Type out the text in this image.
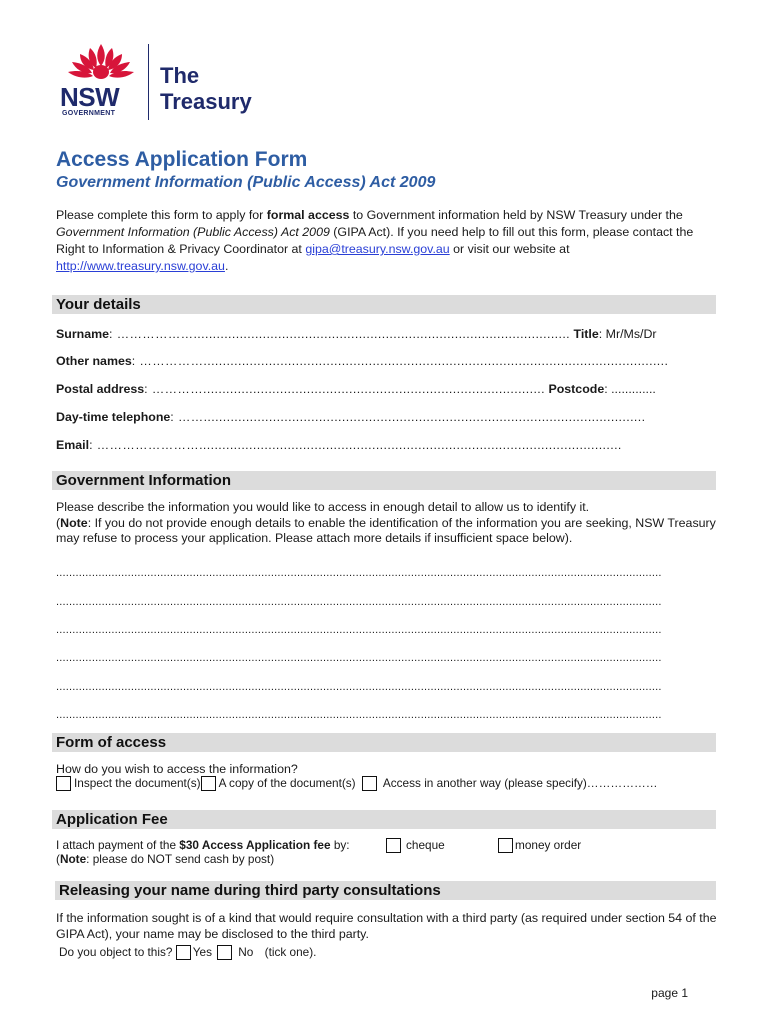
NSW
GOVERNMENT
The
Treasury
Access Application Form
Government Information (Public Access) Act 2009
Please complete this form to apply for formal access to Government information held by NSW Treasury under the Government Information (Public Access) Act 2009 (GIPA Act). If you need help to fill out this form, please contact the Right to Information & Privacy Coordinator at gipa@treasury.nsw.gov.au or visit our website at http://www.treasury.nsw.gov.au.
Your details
Surname: ……………….................................................................................................. Title: Mr/Ms/Dr
Other names: …………….........................................................................................................................
Postal address: …………......................................................................................... Postcode: .............
Day-time telephone: ……...................................................................................................................
Email: ……………………..............................................................................................................
Government Information
Please describe the information you would like to access in enough detail to allow us to identify it.
(Note: If you do not provide enough details to enable the identification of the information you are seeking, NSW Treasury may refuse to process your application. Please attach more details if insufficient space below).
..........................................................................................................................................................................................
..........................................................................................................................................................................................
..........................................................................................................................................................................................
..........................................................................................................................................................................................
..........................................................................................................................................................................................
..........................................................................................................................................................................................
Form of access
How do you wish to access the information?
Inspect the document(s) A copy of the document(s) Access in another way (please specify)………………
Application Fee
I attach payment of the $30 Access Application fee by:	cheque	money order
(Note: please do NOT send cash by post)
Releasing your name during third party consultations
If the information sought is of a kind that would require consultation with a third party (as required under section 54 of the GIPA Act), your name may be disclosed to the third party.
Do you object to this? Yes No (tick one).
page 1
